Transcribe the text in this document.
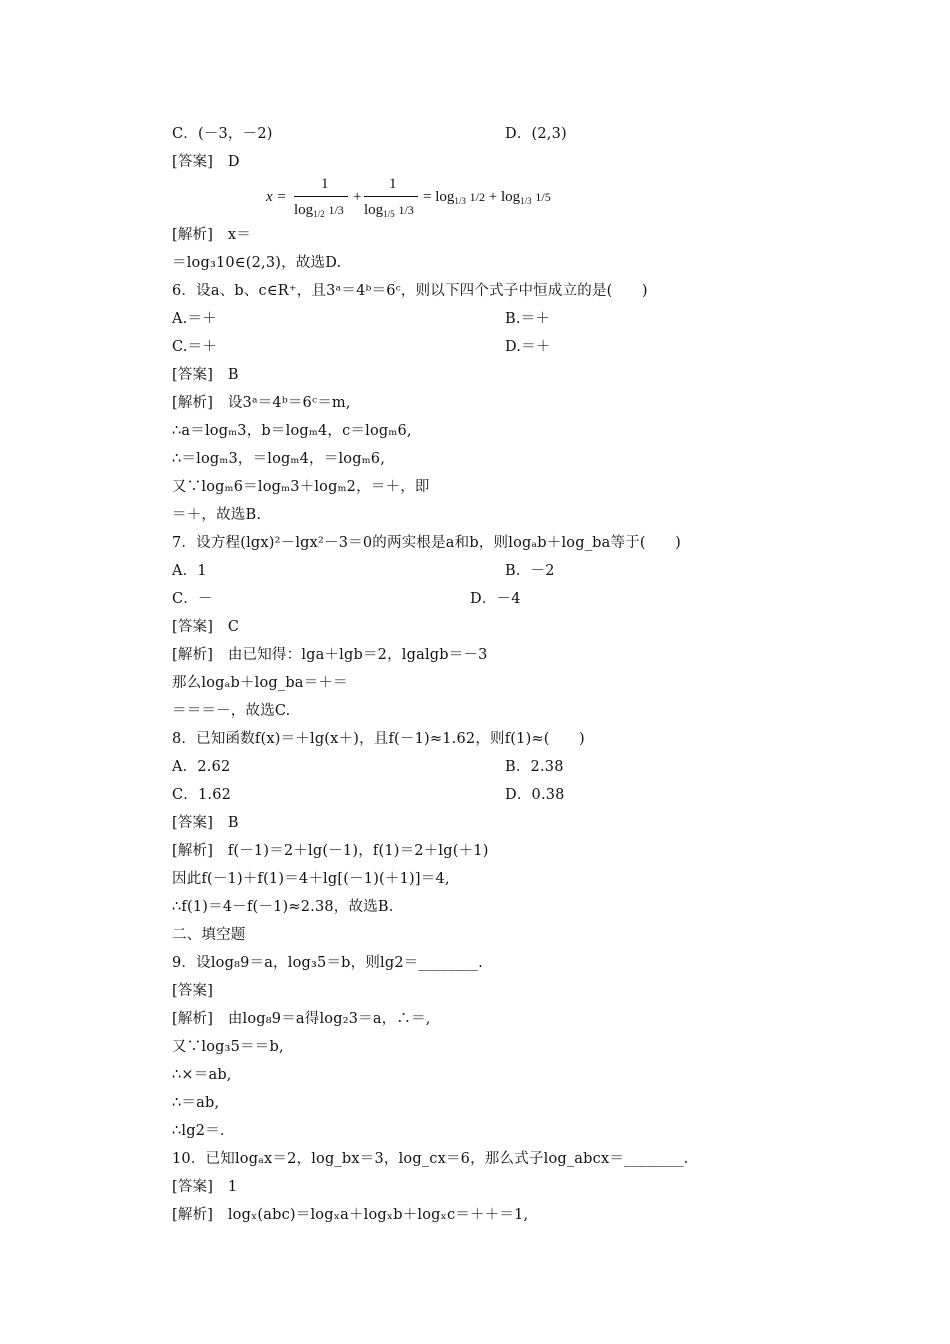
C．(－3，－2)	D．(2,3)
[答案]　D
x =
1
$\log_{1/2} 1/3$
+
1
$\log_{1/5} 1/3$
= $\log_{1/3} 1/2 + \log_{1/3} 1/5$
[解析]　x＝
＝log₃10∈(2,3)，故选D.
6．设a、b、c∈R⁺，且3ᵃ＝4ᵇ＝6ᶜ，则以下四个式子中恒成立的是(　　)
A.＝＋	B.＝＋
C.＝＋	D.＝＋
[答案]　B
[解析]　设3ᵃ＝4ᵇ＝6ᶜ＝m,
∴a＝logₘ3，b＝logₘ4，c＝logₘ6,
∴＝logₘ3，＝logₘ4，＝logₘ6,
又∵logₘ6＝logₘ3＋logₘ2，＝＋，即
＝＋，故选B.
7．设方程(lgx)²－lgx²－3＝0的两实根是a和b，则logₐb＋log_ba等于(　　)
A．1	B．－2
C．－	D．－4
[答案]　C
[解析]　由已知得：lga＋lgb＝2，lgalgb＝－3
那么logₐb＋log_ba＝＋＝
＝＝＝－，故选C.
8．已知函数f(x)＝＋lg(x＋)，且f(－1)≈1.62，则f(1)≈(　　)
A．2.62	B．2.38
C．1.62	D．0.38
[答案]　B
[解析]　f(－1)＝2＋lg(－1)，f(1)＝2＋lg(＋1)
因此f(－1)＋f(1)＝4＋lg[(－1)(＋1)]＝4,
∴f(1)＝4－f(－1)≈2.38，故选B.
二、填空题
9．设log₈9＝a，log₃5＝b，则lg2＝________.
[答案]
[解析]　由log₈9＝a得log₂3＝a，∴＝,
又∵log₃5＝＝b,
∴×＝ab,
∴＝ab,
∴lg2＝.
10．已知logₐx＝2，log_bx＝3，log_cx＝6，那么式子log_abcx＝________.
[答案]　1
[解析]　logₓ(abc)＝logₓa＋logₓb＋logₓc＝＋＋＝1,
